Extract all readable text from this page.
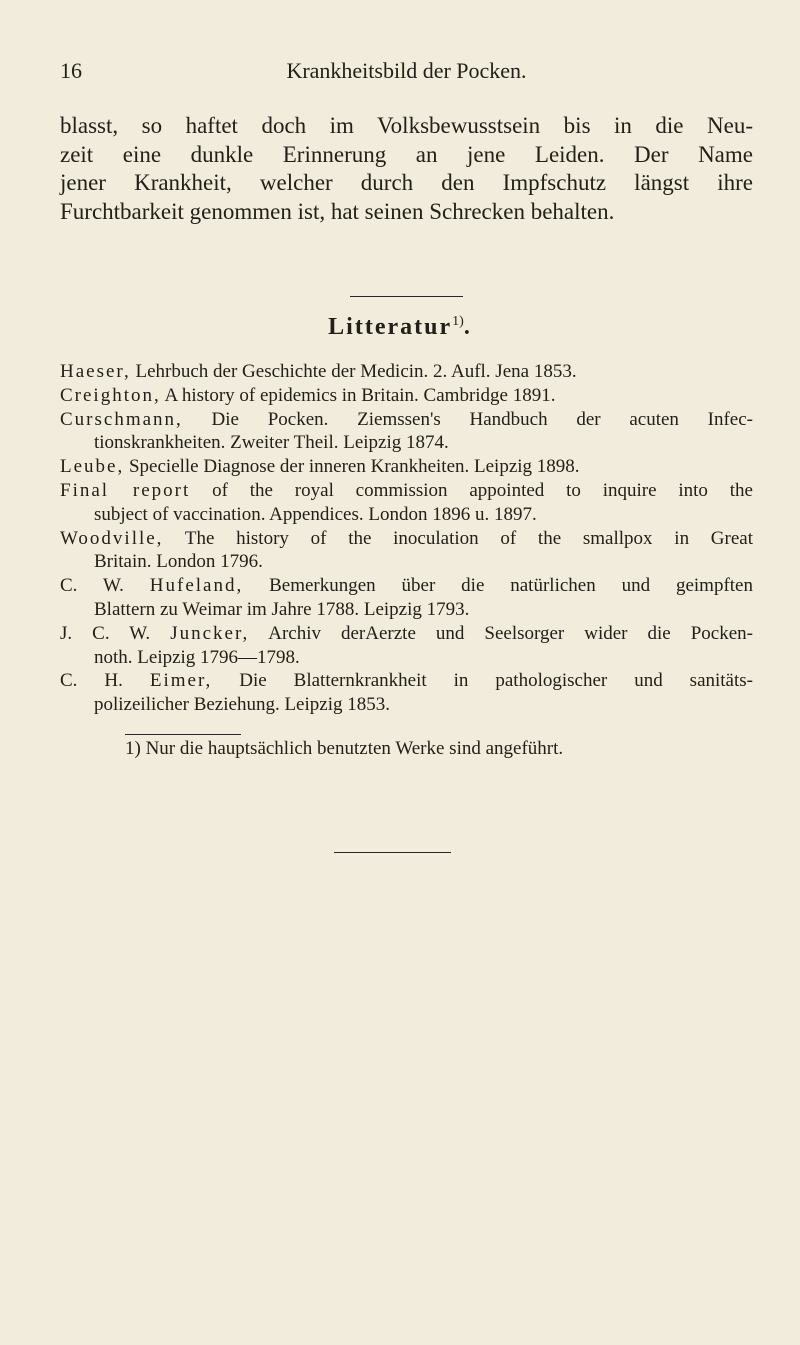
16	Krankheitsbild der Pocken.
blasst, so haftet doch im Volksbewusstsein bis in die Neu-
zeit eine dunkle Erinnerung an jene Leiden. Der Name
jener Krankheit, welcher durch den Impfschutz längst ihre
Furchtbarkeit genommen ist, hat seinen Schrecken behalten.
Litteratur$^{1)}$.

Haeser, Lehrbuch der Geschichte der Medicin. 2. Aufl. Jena 1853.

Creighton, A history of epidemics in Britain. Cambridge 1891.

Curschmann, Die Pocken. Ziemssen's Handbuch der acuten Infec-
tionskrankheiten. Zweiter Theil. Leipzig 1874.

Leube, Specielle Diagnose der inneren Krankheiten. Leipzig 1898.

Final report of the royal commission appointed to inquire into the
subject of vaccination. Appendices. London 1896 u. 1897.

Woodville, The history of the inoculation of the smallpox in Great
Britain. London 1796.

C. W. Hufeland, Bemerkungen über die natürlichen und geimpften
Blattern zu Weimar im Jahre 1788. Leipzig 1793.

J. C. W. Juncker, Archiv derAerzte und Seelsorger wider die Pocken-
noth. Leipzig 1796—1798.

C. H. Eimer, Die Blatternkrankheit in pathologischer und sanitäts-
polizeilicher Beziehung. Leipzig 1853.

1) Nur die hauptsächlich benutzten Werke sind angeführt.
